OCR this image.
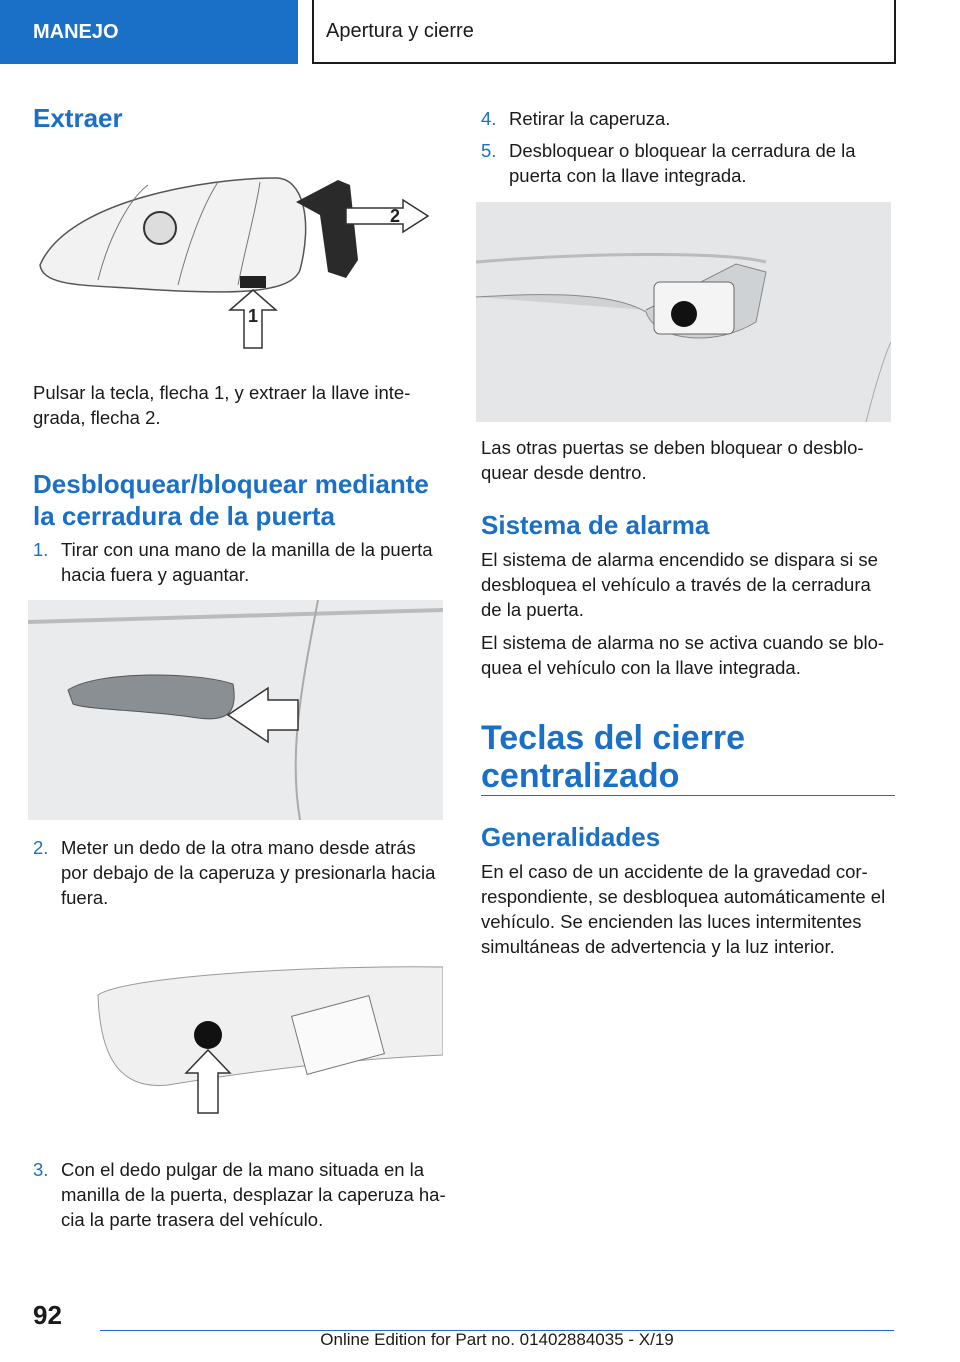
MANEJO	Apertura y cierre
Extraer
2
1

Pulsar la tecla, flecha 1, y extraer la llave inte-grada, flecha 2.

Desbloquear/bloquear mediante la cerradura de la puerta
1. Tirar con una mano de la manilla de la puerta hacia fuera y aguantar.
2. Meter un dedo de la otra mano desde atrás por debajo de la caperuza y presionarla hacia fuera.
3. Con el dedo pulgar de la mano situada en la manilla de la puerta, desplazar la caperuza ha-cia la parte trasera del vehículo.
4. Retirar la caperuza.
5. Desbloquear o bloquear la cerradura de la puerta con la llave integrada.

Las otras puertas se deben bloquear o desblo-quear desde dentro.

Sistema de alarma

El sistema de alarma encendido se dispara si se desbloquea el vehículo a través de la cerradura de la puerta.

El sistema de alarma no se activa cuando se blo-quea el vehículo con la llave integrada.

Teclas del cierre centralizado
Generalidades

En el caso de un accidente de la gravedad cor-respondiente, se desbloquea automáticamente el vehículo. Se encienden las luces intermitentes simultáneas de advertencia y la luz interior.

92
Online Edition for Part no. 01402884035 - X/19
